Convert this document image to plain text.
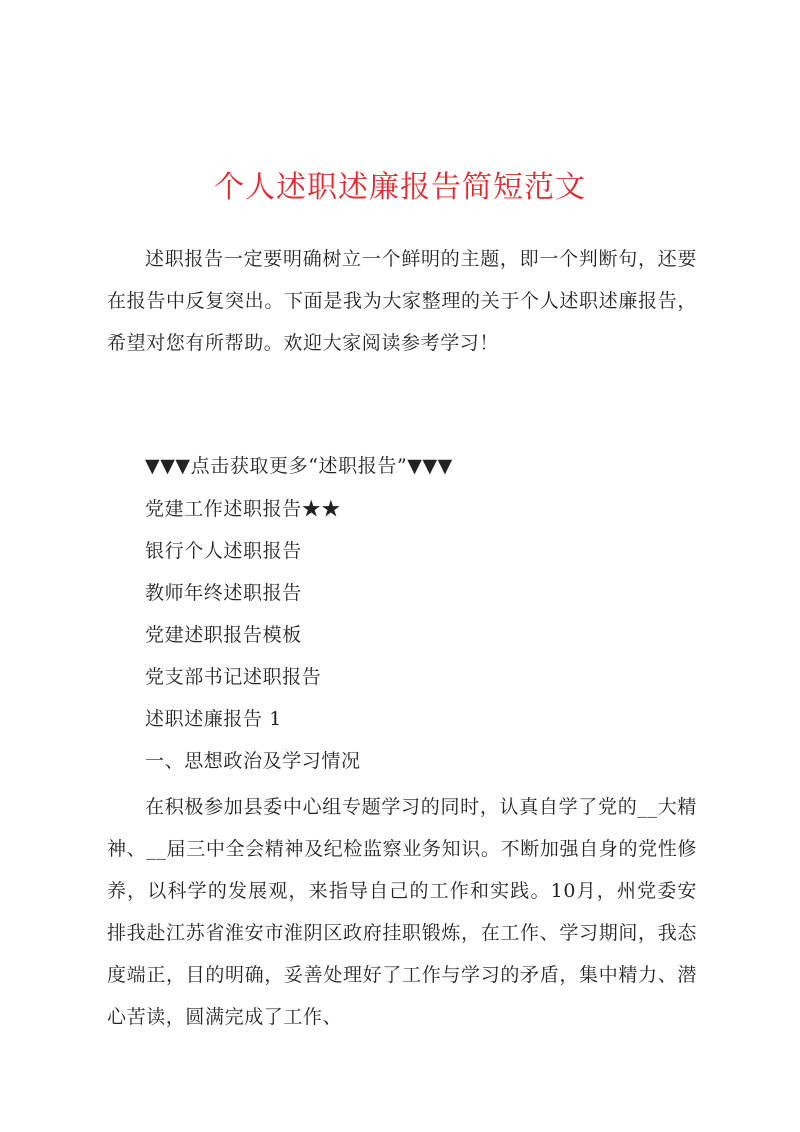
个人述职述廉报告简短范文
述职报告一定要明确树立一个鲜明的主题，即一个判断句，还要在报告中反复突出。下面是我为大家整理的关于个人述职述廉报告，希望对您有所帮助。欢迎大家阅读参考学习！
▼▼▼点击获取更多“述职报告”▼▼▼
党建工作述职报告★★
银行个人述职报告
教师年终述职报告
党建述职报告模板
党支部书记述职报告
述职述廉报告 1
一、思想政治及学习情况
在积极参加县委中心组专题学习的同时，认真自学了党的__大精神、__届三中全会精神及纪检监察业务知识。不断加强自身的党性修养，以科学的发展观，来指导自己的工作和实践。10月，州党委安排我赴江苏省淮安市淮阴区政府挂职锻炼，在工作、学习期间，我态度端正，目的明确，妥善处理好了工作与学习的矛盾，集中精力、潜心苦读，圆满完成了工作、
